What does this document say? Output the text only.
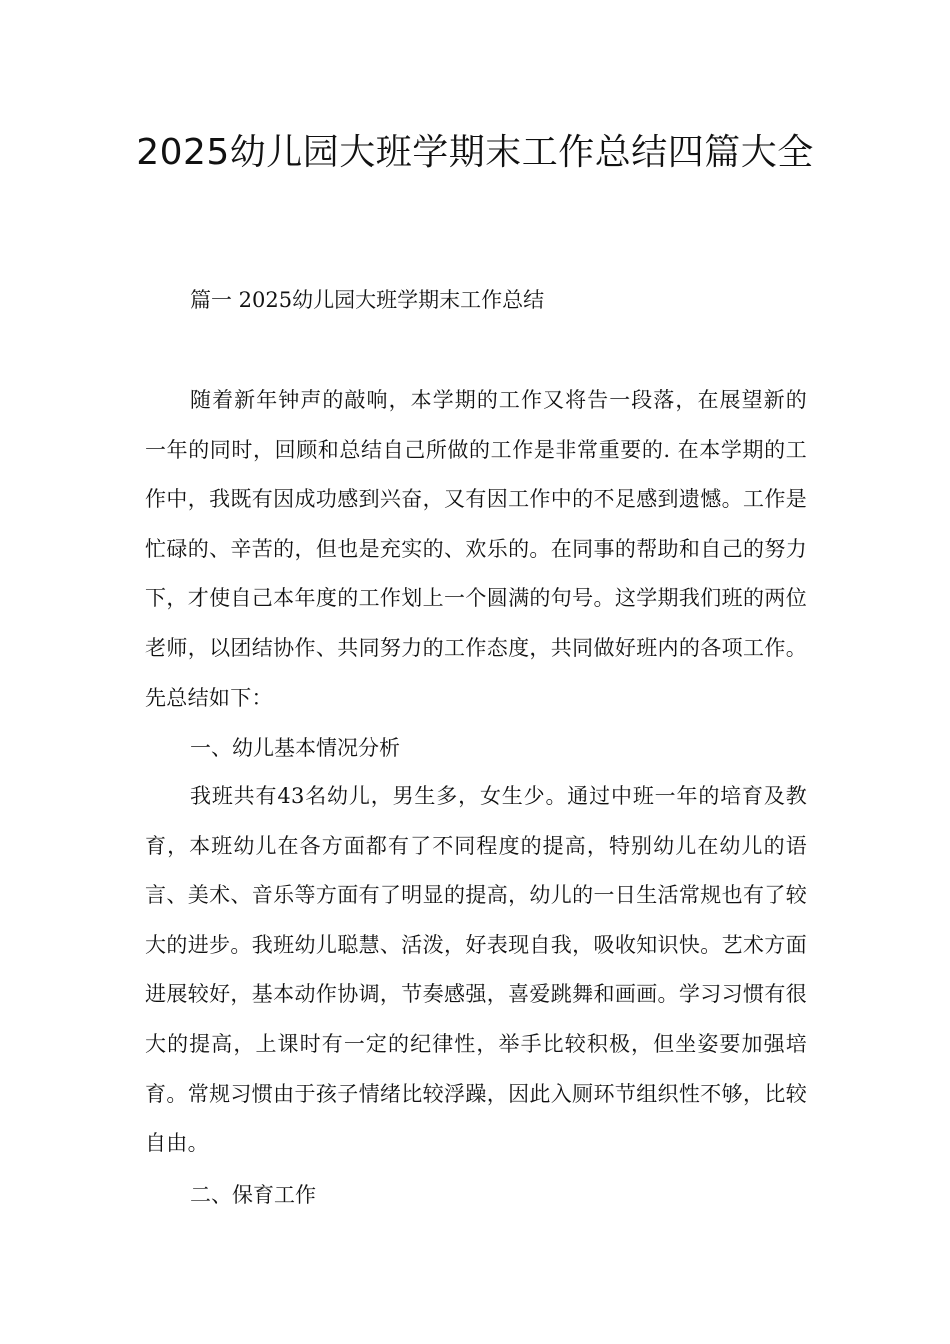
2025幼儿园大班学期末工作总结四篇大全

篇一 2025幼儿园大班学期末工作总结

随着新年钟声的敲响，本学期的工作又将告一段落，在展望新的一年的同时，回顾和总结自己所做的工作是非常重要的. 在本学期的工作中，我既有因成功感到兴奋，又有因工作中的不足感到遗憾。工作是忙碌的、辛苦的，但也是充实的、欢乐的。在同事的帮助和自己的努力下，才使自己本年度的工作划上一个圆满的句号。这学期我们班的两位老师，以团结协作、共同努力的工作态度，共同做好班内的各项工作。先总结如下：

一、幼儿基本情况分析

我班共有43名幼儿，男生多，女生少。通过中班一年的培育及教育，本班幼儿在各方面都有了不同程度的提高，特别幼儿在幼儿的语言、美术、音乐等方面有了明显的提高，幼儿的一日生活常规也有了较大的进步。我班幼儿聪慧、活泼，好表现自我，吸收知识快。艺术方面进展较好，基本动作协调，节奏感强，喜爱跳舞和画画。学习习惯有很大的提高，上课时有一定的纪律性，举手比较积极，但坐姿要加强培育。常规习惯由于孩子情绪比较浮躁，因此入厕环节组织性不够，比较自由。

二、保育工作
